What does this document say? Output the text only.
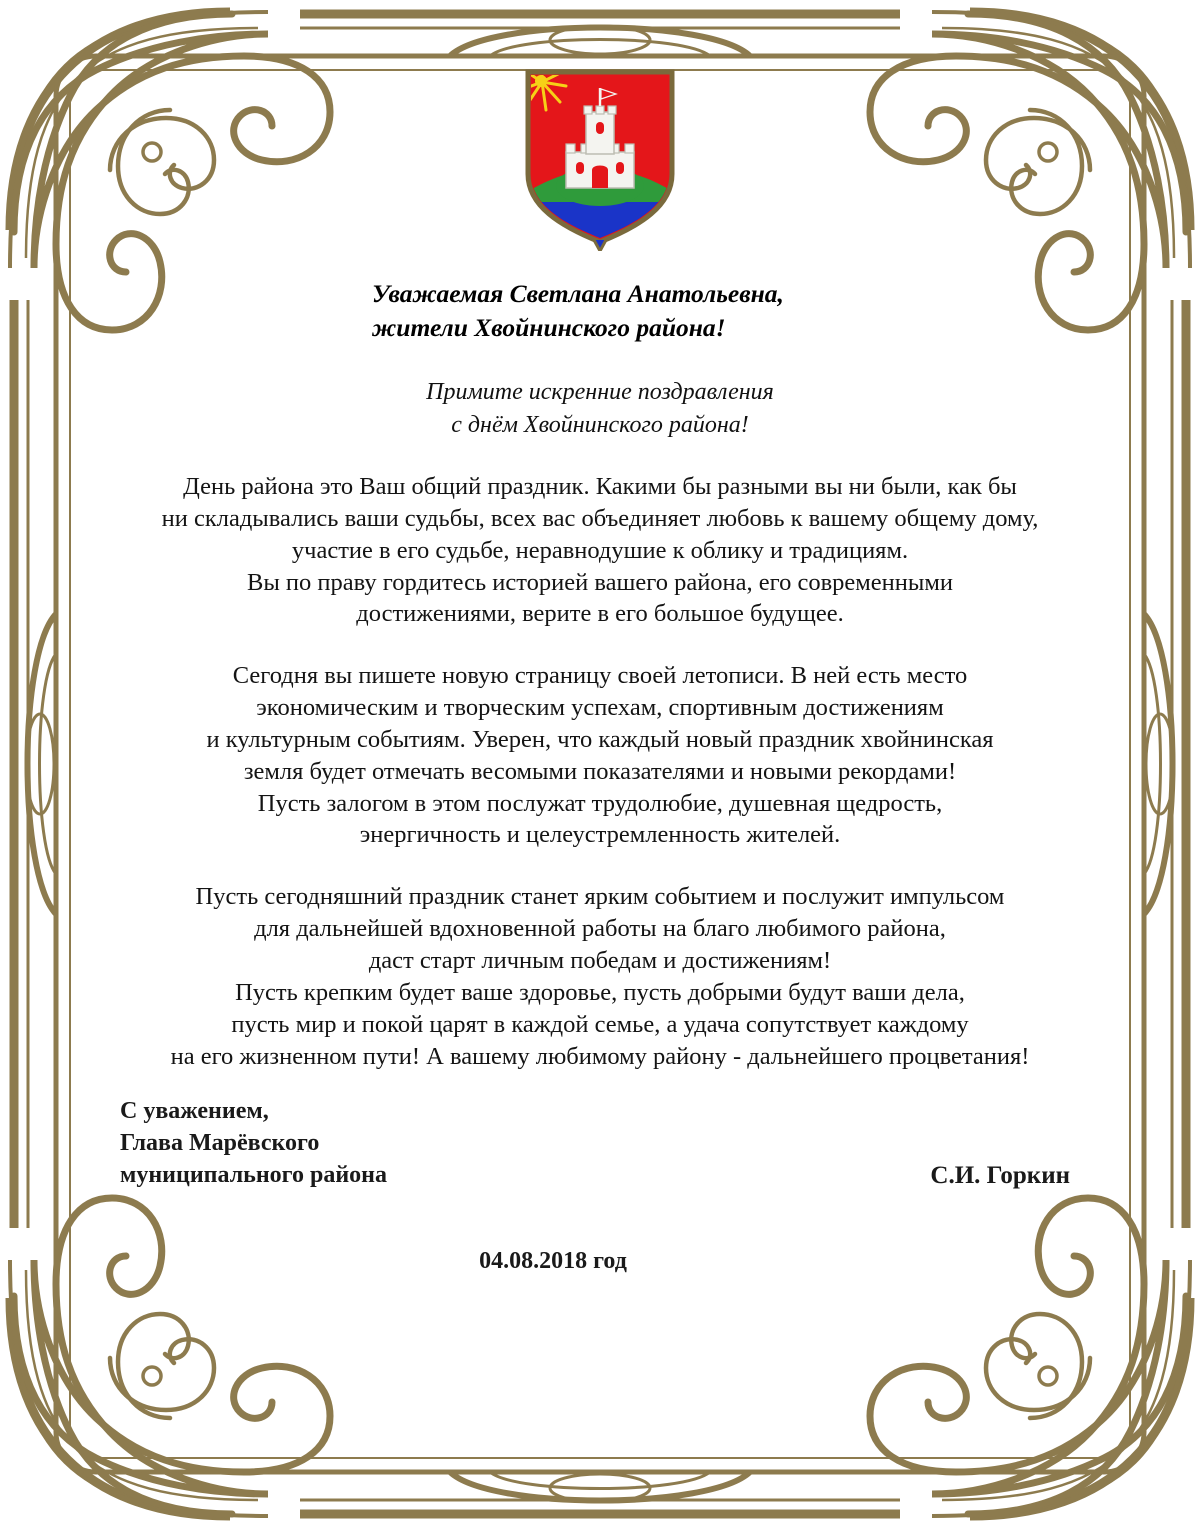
Уважаемая Светлана Анатольевна,
жители Хвойнинского района!
Примите искренние поздравления
с днём Хвойнинского района!

День района это Ваш общий праздник. Какими бы разными вы ни были, как бы
ни складывались ваши судьбы, всех вас объединяет любовь к вашему общему дому,
участие в его судьбе, неравнодушие к облику и традициям.
Вы по праву гордитесь историей вашего района, его современными
достижениями, верите в его большое будущее.

Сегодня вы пишете новую страницу своей летописи. В ней есть место
экономическим и творческим успехам, спортивным достижениям
и культурным событиям. Уверен, что каждый новый праздник хвойнинская
земля будет отмечать весомыми показателями и новыми рекордами!
Пусть залогом в этом послужат трудолюбие, душевная щедрость,
энергичность и целеустремленность жителей.

Пусть сегодняшний праздник станет ярким событием и послужит импульсом
для дальнейшей вдохновенной работы на благо любимого района,
даст старт личным победам и достижениям!
Пусть крепким будет ваше здоровье, пусть добрыми будут ваши дела,
пусть мир и покой царят в каждой семье, а удача сопутствует каждому
на его жизненном пути! А вашему любимому району - дальнейшего процветания!

С уважением,
Глава Марёвского
муниципального района	С.И. Горкин
04.08.2018 год
